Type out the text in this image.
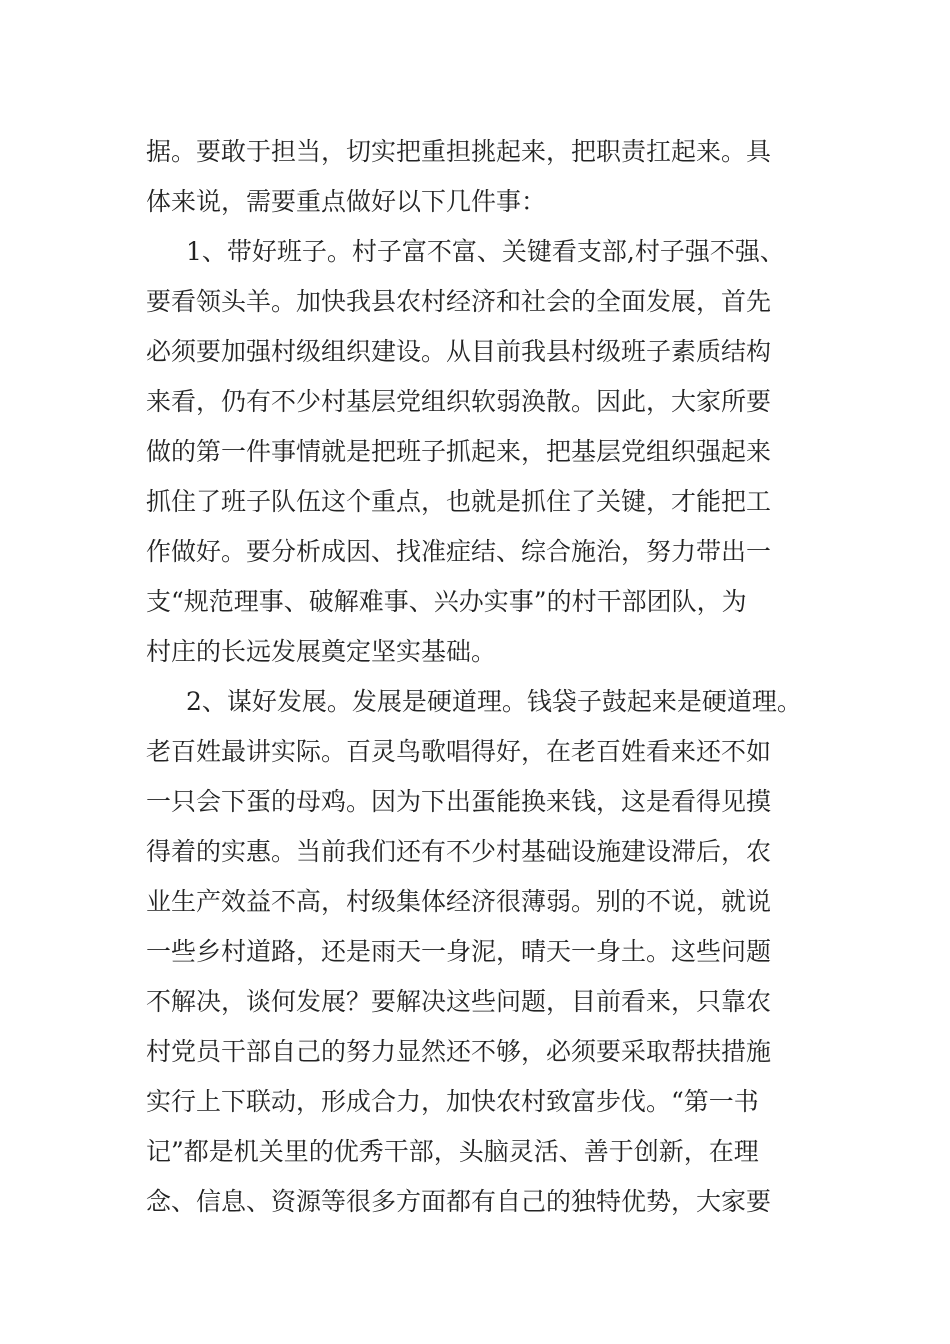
据。要敢于担当，切实把重担挑起来，把职责扛起来。具
体来说，需要重点做好以下几件事：
1、带好班子。村子富不富、关键看支部,村子强不强、
要看领头羊。加快我县农村经济和社会的全面发展，首先
必须要加强村级组织建设。从目前我县村级班子素质结构
来看，仍有不少村基层党组织软弱涣散。因此，大家所要
做的第一件事情就是把班子抓起来，把基层党组织强起来
抓住了班子队伍这个重点，也就是抓住了关键，才能把工
作做好。要分析成因、找准症结、综合施治，努力带出一
支“规范理事、破解难事、兴办实事”的村干部团队，为
村庄的长远发展奠定坚实基础。
2、谋好发展。发展是硬道理。钱袋子鼓起来是硬道理。
老百姓最讲实际。百灵鸟歌唱得好，在老百姓看来还不如
一只会下蛋的母鸡。因为下出蛋能换来钱，这是看得见摸
得着的实惠。当前我们还有不少村基础设施建设滞后，农
业生产效益不高，村级集体经济很薄弱。别的不说，就说
一些乡村道路，还是雨天一身泥，晴天一身土。这些问题
不解决，谈何发展？要解决这些问题，目前看来，只靠农
村党员干部自己的努力显然还不够，必须要采取帮扶措施
实行上下联动，形成合力，加快农村致富步伐。“第一书
记”都是机关里的优秀干部，头脑灵活、善于创新，在理
念、信息、资源等很多方面都有自己的独特优势，大家要
